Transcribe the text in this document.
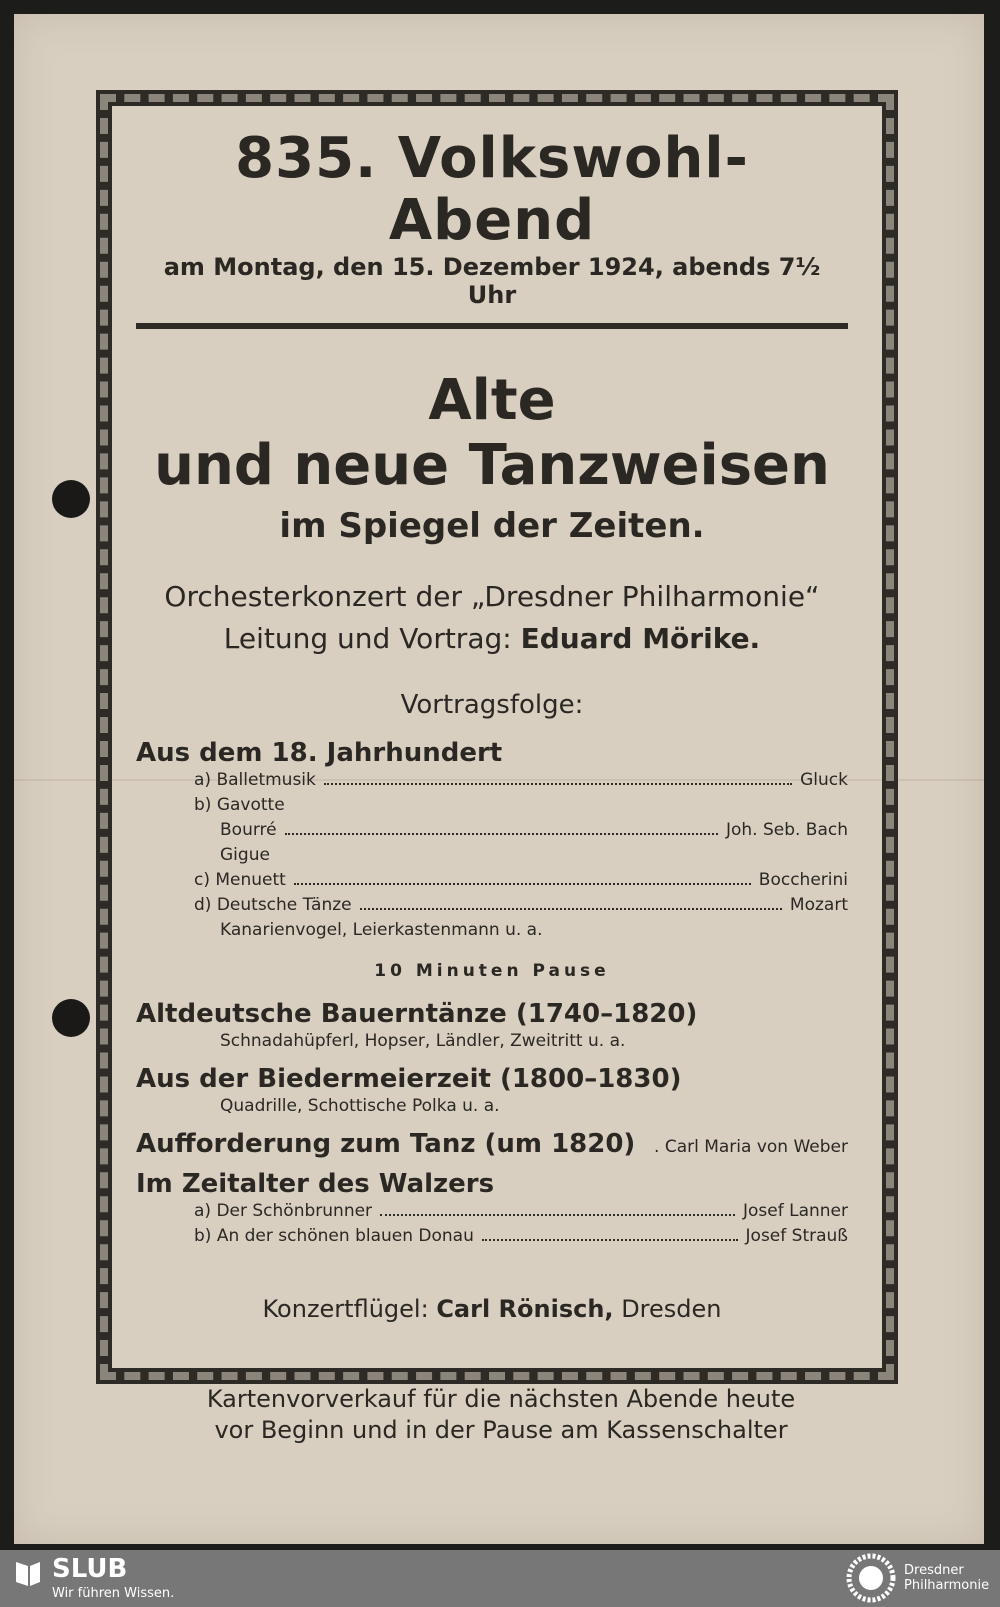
835. Volkswohl-Abend
am Montag, den 15. Dezember 1924, abends 7½ Uhr
Alte
und neue Tanzweisen
im Spiegel der Zeiten.
Orchesterkonzert der „Dresdner Philharmonie“
Leitung und Vortrag: Eduard Mörike.
Vortragsfolge:
Aus dem 18. Jahrhundert
a) Balletmusik	Gluck
b) Gavotte
Bourré	Joh. Seb. Bach
Gigue
c) Menuett	Boccherini
d) Deutsche Tänze	Mozart
Kanarienvogel, Leierkastenmann u. a.
10 Minuten Pause
Altdeutsche Bauerntänze (1740–1820)
Schnadahüpferl, Hopser, Ländler, Zweitritt u. a.
Aus der Biedermeierzeit (1800–1830)
Quadrille, Schottische Polka u. a.
Aufforderung zum Tanz (um 1820) . Carl Maria von Weber
Im Zeitalter des Walzers
a) Der Schönbrunner	Josef Lanner
b) An der schönen blauen Donau	Josef Strauß
Konzertflügel: Carl Rönisch, Dresden
Kartenvorverkauf für die nächsten Abende heute
vor Beginn und in der Pause am Kassenschalter
SLUB
Wir führen Wissen.
Dresdner
Philharmonie
